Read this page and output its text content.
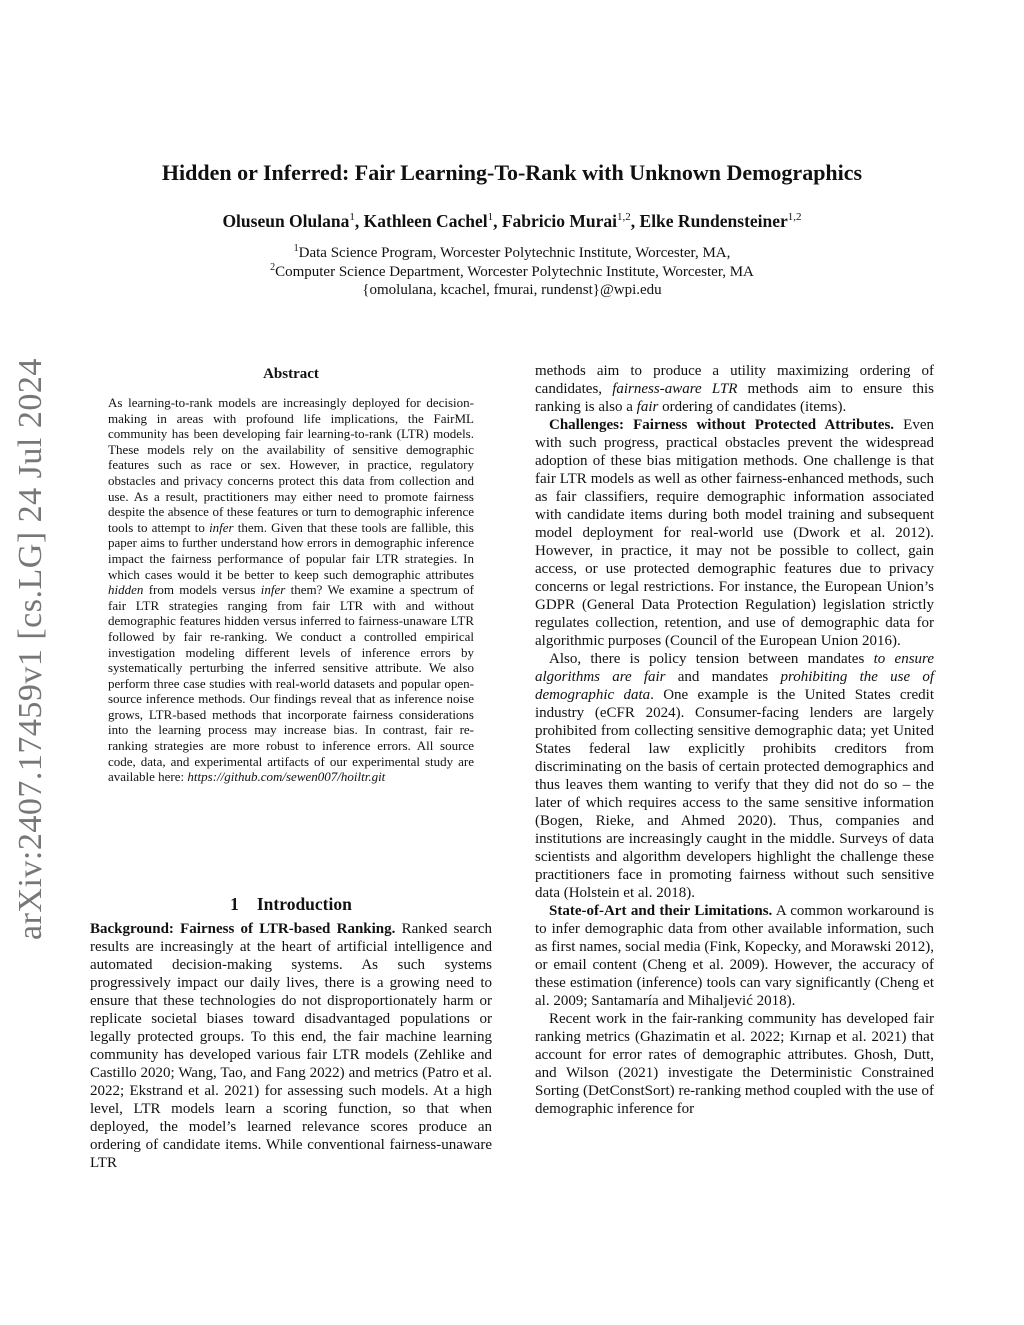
Hidden or Inferred: Fair Learning-To-Rank with Unknown Demographics
Oluseun Olulana$^1$, Kathleen Cachel$^1$, Fabricio Murai$^{1,2}$, Elke Rundensteiner$^{1,2}$
$^1$Data Science Program, Worcester Polytechnic Institute, Worcester, MA,
$^2$Computer Science Department, Worcester Polytechnic Institute, Worcester, MA
{omolulana, kcachel, fmurai, rundenst}@wpi.edu
arXiv:2407.17459v1 [cs.LG] 24 Jul 2024	Abstract

As learning-to-rank models are increasingly deployed for decision-making in areas with profound life implications, the FairML community has been developing fair learning-to-rank (LTR) models. These models rely on the availability of sensitive demographic features such as race or sex. However, in practice, regulatory obstacles and privacy concerns protect this data from collection and use. As a result, practitioners may either need to promote fairness despite the absence of these features or turn to demographic inference tools to attempt to infer them. Given that these tools are fallible, this paper aims to further understand how errors in demographic inference impact the fairness performance of popular fair LTR strategies. In which cases would it be better to keep such demographic attributes hidden from models versus infer them? We examine a spectrum of fair LTR strategies ranging from fair LTR with and without demographic features hidden versus inferred to fairness-unaware LTR followed by fair re-ranking. We conduct a controlled empirical investigation modeling different levels of inference errors by systematically perturbing the inferred sensitive attribute. We also perform three case studies with real-world datasets and popular open-source inference methods. Our findings reveal that as inference noise grows, LTR-based methods that incorporate fairness considerations into the learning process may increase bias. In contrast, fair re-ranking strategies are more robust to inference errors. All source code, data, and experimental artifacts of our experimental study are available here: https://github.com/sewen007/hoiltr.git

1 Introduction

Background: Fairness of LTR-based Ranking. Ranked search results are increasingly at the heart of artificial intelligence and automated decision-making systems. As such systems progressively impact our daily lives, there is a growing need to ensure that these technologies do not disproportionately harm or replicate societal biases toward disadvantaged populations or legally protected groups. To this end, the fair machine learning community has developed various fair LTR models (Zehlike and Castillo 2020; Wang, Tao, and Fang 2022) and metrics (Patro et al. 2022; Ekstrand et al. 2021) for assessing such models. At a high level, LTR models learn a scoring function, so that when deployed, the model’s learned relevance scores produce an ordering of candidate items. While conventional fairness-unaware LTR

methods aim to produce a utility maximizing ordering of candidates, fairness-aware LTR methods aim to ensure this ranking is also a fair ordering of candidates (items).

Challenges: Fairness without Protected Attributes. Even with such progress, practical obstacles prevent the widespread adoption of these bias mitigation methods. One challenge is that fair LTR models as well as other fairness-enhanced methods, such as fair classifiers, require demographic information associated with candidate items during both model training and subsequent model deployment for real-world use (Dwork et al. 2012). However, in practice, it may not be possible to collect, gain access, or use protected demographic features due to privacy concerns or legal restrictions. For instance, the European Union’s GDPR (General Data Protection Regulation) legislation strictly regulates collection, retention, and use of demographic data for algorithmic purposes (Council of the European Union 2016).

Also, there is policy tension between mandates to ensure algorithms are fair and mandates prohibiting the use of demographic data. One example is the United States credit industry (eCFR 2024). Consumer-facing lenders are largely prohibited from collecting sensitive demographic data; yet United States federal law explicitly prohibits creditors from discriminating on the basis of certain protected demographics and thus leaves them wanting to verify that they did not do so – the later of which requires access to the same sensitive information (Bogen, Rieke, and Ahmed 2020). Thus, companies and institutions are increasingly caught in the middle. Surveys of data scientists and algorithm developers highlight the challenge these practitioners face in promoting fairness without such sensitive data (Holstein et al. 2018).

State-of-Art and their Limitations. A common workaround is to infer demographic data from other available information, such as first names, social media (Fink, Kopecky, and Morawski 2012), or email content (Cheng et al. 2009). However, the accuracy of these estimation (inference) tools can vary significantly (Cheng et al. 2009; Santamaría and Mihaljević 2018).

Recent work in the fair-ranking community has developed fair ranking metrics (Ghazimatin et al. 2022; Kırnap et al. 2021) that account for error rates of demographic attributes. Ghosh, Dutt, and Wilson (2021) investigate the Deterministic Constrained Sorting (DetConstSort) re-ranking method coupled with the use of demographic inference for
